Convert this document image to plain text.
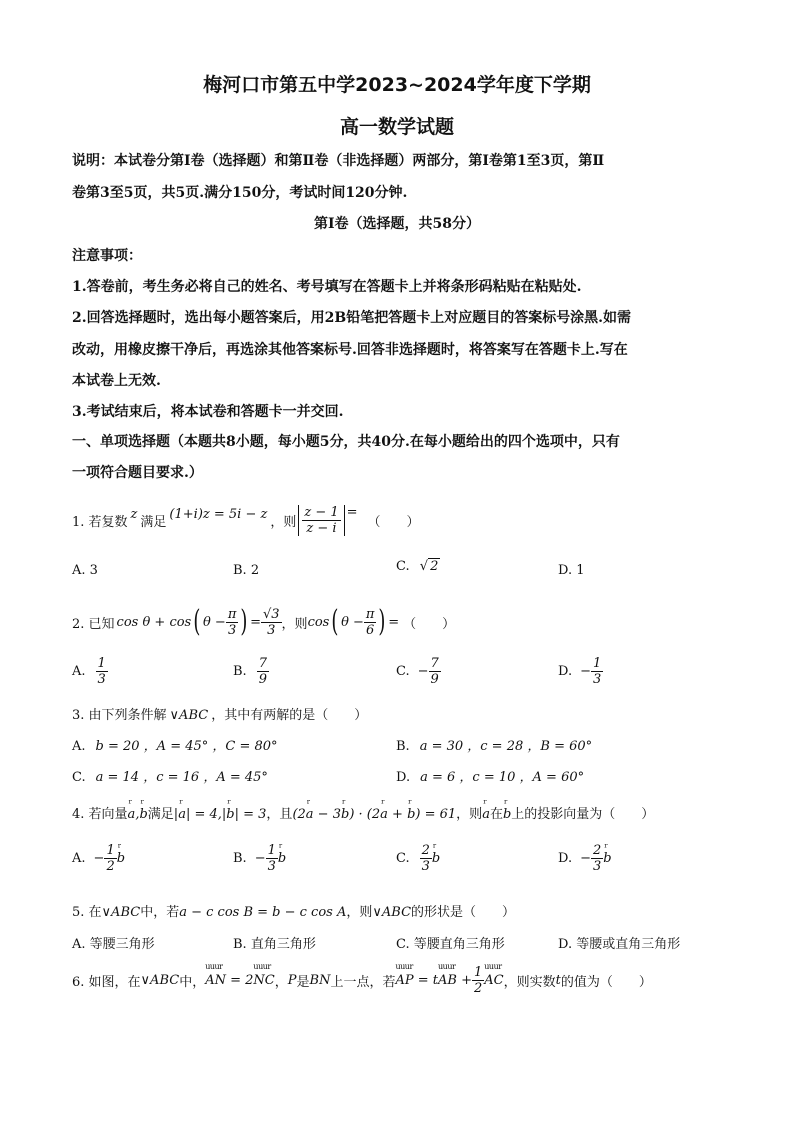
梅河口市第五中学2023~2024学年度下学期
高一数学试题
说明：本试卷分第Ⅰ卷（选择题）和第Ⅱ卷（非选择题）两部分，第Ⅰ卷第1至3页，第Ⅱ
卷第3至5页，共5页.满分150分，考试时间120分钟.
第Ⅰ卷（选择题，共58分）
注意事项：
1.答卷前，考生务必将自己的姓名、考号填写在答题卡上并将条形码粘贴在粘贴处.
2.回答选择题时，选出每小题答案后，用2B铅笔把答题卡上对应题目的答案标号涂黑.如需
改动，用橡皮擦干净后，再选涂其他答案标号.回答非选择题时，将答案写在答题卡上.写在
本试卷上无效.
3.考试结束后，将本试卷和答题卡一并交回.
一、单项选择题（本题共8小题，每小题5分，共40分.在每小题给出的四个选项中，只有
一项符合题目要求.）
1. 若复数
z
满足
(1+i)z = 5i − z
，则 $\frac{z - 1}{z - i}$ =
（　　）
A. 3	B. 2	C. √ 2	D. 1
2. 已知 cos θ + cos ( $\theta - \frac{\pi}{3}$ ) = $\frac{√3}{3}$ ，则 cos ( $\theta - \frac{\pi}{6}$ ) = （　　）
A. $\frac{1}{3}$	B. $\frac{7}{9}$	C. − $\frac{7}{9}$	D. − $\frac{1}{3}$
3. 由下列条件解 ∨ABC ，其中有两解的是（　　）
A. b = 20 ，A = 45° ，C = 80°	B. a = 30 ，c = 28 ，B = 60°
C. a = 14 ，c = 16 ，A = 45°	D. a = 6 ，c = 10 ，A = 60°
4. 若向量ʳ a,ʳ b满足|ʳ a| = 4,|ʳ b| = 3，且(2ʳ a − 3ʳ b) · (2ʳ a + ʳ b) = 61，则ʳ a在ʳ b上的投影向量为（　　）
A. − $\frac{1}{2}$ ʳ b	B. − $\frac{1}{3}$ ʳ b	C. $\frac{2}{3}$ ʳ b	D. − $\frac{2}{3}$ ʳ b
5. 在∨ABC中，若a − c cos B = b − c cos A，则∨ABC的形状是（　　）
A. 等腰三角形	B. 直角三角形	C. 等腰直角三角形	D. 等腰或直角三角形
6. 如图，在 ∨ABC 中， uuur AN = 2uuur NC ， P 是 BN 上一点，若 uuur AP = tuuur AB + $\frac{1}{2}$ uuur AC ，则实数 t 的值为（　　）
